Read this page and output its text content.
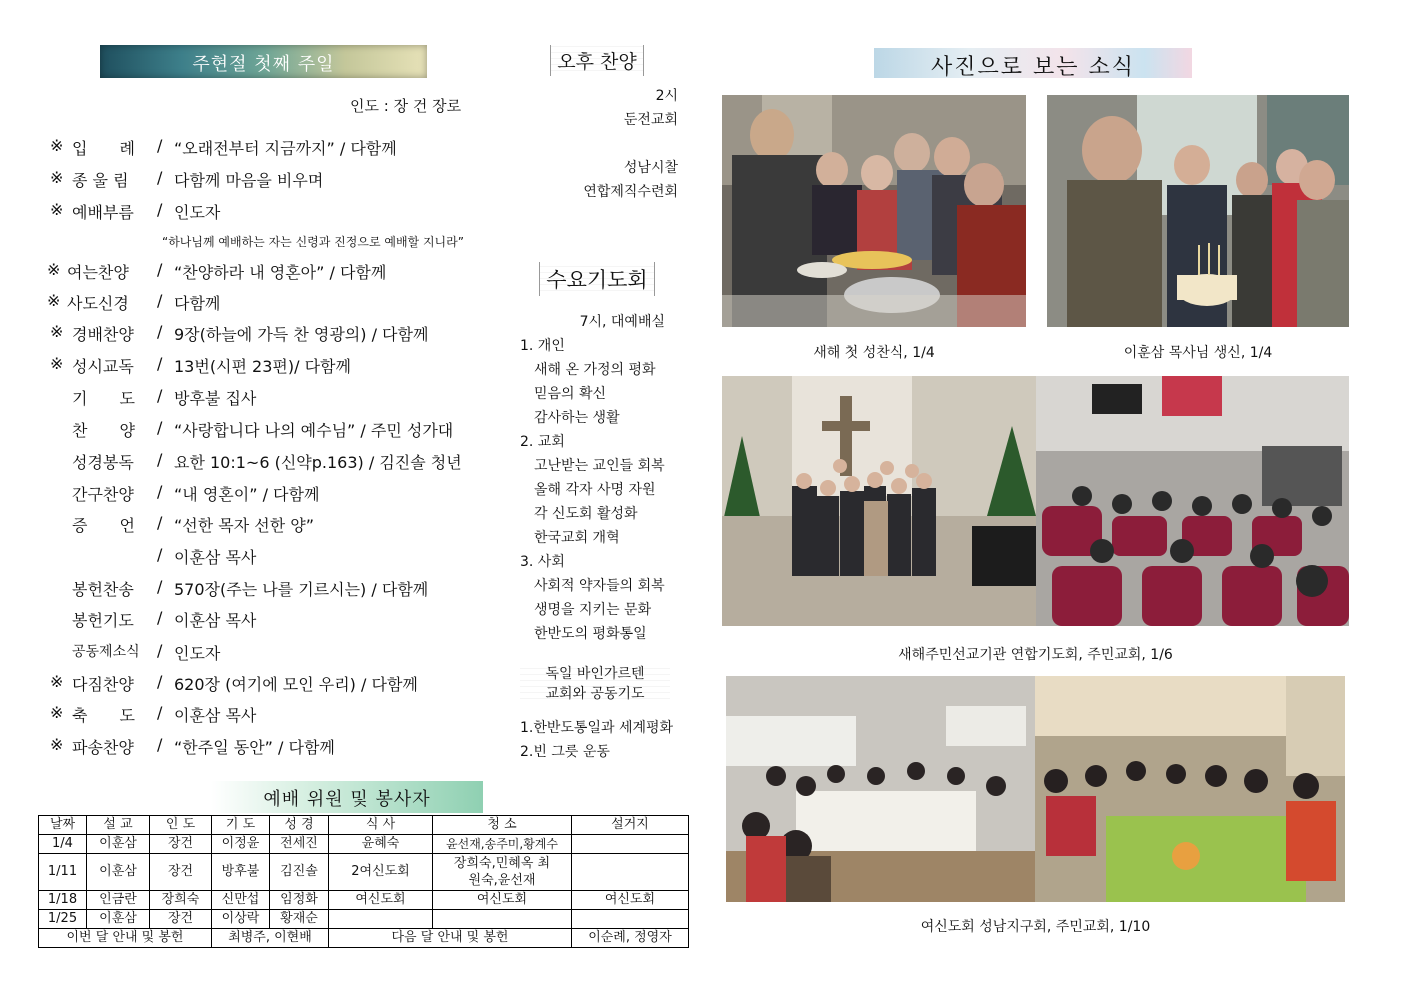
주현절 첫째 주일
인도 : 장 건 장로
※ 입　　례	/ “오래전부터 지금까지” / 다함께
※ 종 울 림	/ 다함께 마음을 비우며
※ 예배부름	/ 인도자
“하나님께 예배하는 자는 신령과 진정으로 예배할 지니라”
※ 여는찬양	/ “찬양하라 내 영혼아” / 다함께
※ 사도신경	/ 다함께
※ 경배찬양	/ 9장(하늘에 가득 찬 영광의) / 다함께
※ 성시교독	/ 13번(시편 23편)/ 다함께
기　　도	/ 방후불 집사
찬　　양	/ “사랑합니다 나의 예수님” / 주민 성가대
성경봉독	/ 요한 10:1~6 (신약p.163) / 김진솔 청년
간구찬양	/ “내 영혼이” / 다함께
증　　언	/ “선한 목자 선한 양”
/ 이훈삼 목사
봉헌찬송	/ 570장(주는 나를 기르시는) / 다함께
봉헌기도	/ 이훈삼 목사
공동제소식	/ 인도자
※ 다짐찬양	/ 620장 (여기에 모인 우리) / 다함께
※ 축　　도	/ 이훈삼 목사
※ 파송찬양	/ “한주일 동안” / 다함께
예배 위원 및 봉사자
날짜	설 교	인 도	기 도	성 경	식 사	청 소	설거지
1/4	이훈삼	장건	이정윤	전세진	윤혜숙	윤선재,송주미,황계수	
1/11	이훈삼	장건	방후불	김진솔	2여신도회	장희숙,민혜옥 최원숙,윤선재	
1/18	인금란	장희숙	신만섭	임정화	여신도회	여신도회	여신도회
1/25	이훈삼	장건	이상락	황재순			
이번 달 안내 및 봉헌			최병주, 이현배		다음 달 안내 및 봉헌		이순례, 정영자
오후 찬양
2시
둔전교회
성남시찰
연합제직수련회
수요기도회
7시, 대예배실
1. 개인
　새해 온 가정의 평화
　믿음의 확신
　감사하는 생활
2. 교회
　고난받는 교인들 회복
　올해 각자 사명 자원
　각 신도회 활성화
　한국교회 개혁
3. 사회
　사회적 약자들의 회복
　생명을 지키는 문화
　한반도의 평화통일
독일 바인가르텐
교회와 공동기도
1.한반도통일과 세계평화
2.빈 그릇 운동
사진으로 보는 소식
새해 첫 성찬식, 1/4	이훈삼 목사님 생신, 1/4
새해주민선교기관 연합기도회, 주민교회, 1/6
여신도회 성남지구회, 주민교회, 1/10
